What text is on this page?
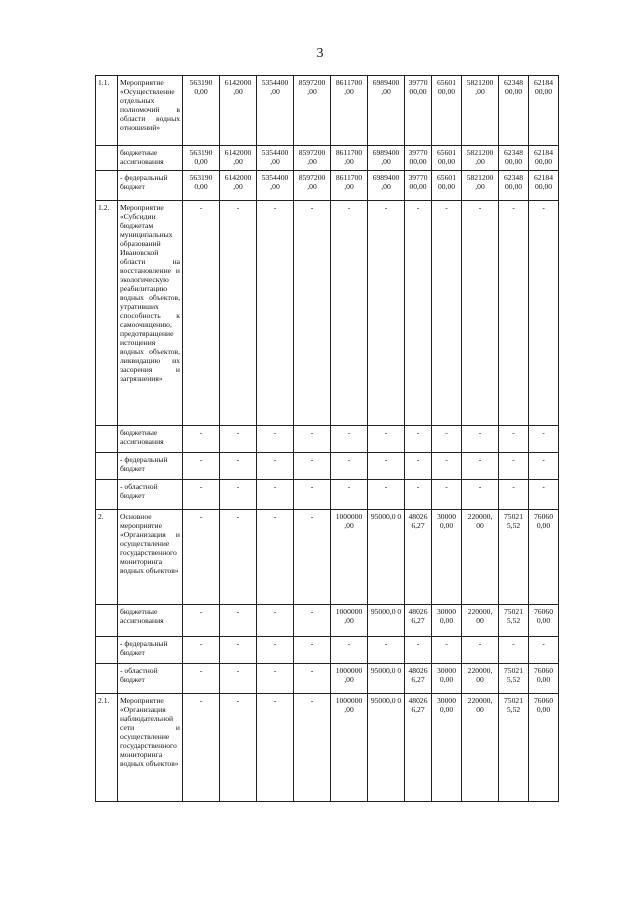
3
1.1.	Мероприятие «Осуществление отдельных полномочий в области водных отношений»	563190 0,00	6142000 ,00	5354400 ,00	8597200 ,00	8611700 ,00	6989400 ,00	39770 00,00	65601 00,00	5821200 ,00	62348 00,00	62184 00,00
	бюджетные ассигнования	563190 0,00	6142000 ,00	5354400 ,00	8597200 ,00	8611700 ,00	6989400 ,00	39770 00,00	65601 00,00	5821200 ,00	62348 00,00	62184 00,00
	- федеральный бюджет	563190 0,00	6142000 ,00	5354400 ,00	8597200 ,00	8611700 ,00	6989400 ,00	39770 00,00	65601 00,00	5821200 ,00	62348 00,00	62184 00,00
1.2.	Мероприятие «Субсидии бюджетам муниципальных образований Ивановской области на восстановление и экологическую реабилитацию водных объектов, утративших способность к самоочищению, предотвращение истощения водных объектов, ликвидацию их засорения и загрязнения»	-	-	-	-	-	-	-	-	-	-	-
	бюджетные ассигнования	-	-	-	-	-	-	-	-	-	-	-
	- федеральный бюджет	-	-	-	-	-	-	-	-	-	-	-
	- областной бюджет	-	-	-	-	-	-	-	-	-	-	-
2.	Основное мероприятие «Организация и осуществление государственного мониторинга водных объектов»	-	-	-	-	1000000 ,00	95000,0 0	48026 6,27	30000 0,00	220000, 00	75021 5,52	76060 0,00
	бюджетные ассигнования	-	-	-	-	1000000 ,00	95000,0 0	48026 6,27	30000 0,00	220000, 00	75021 5,52	76060 0,00
	- федеральный бюджет	-	-	-	-	-	-	-	-	-	-	-
	- областной бюджет	-	-	-	-	1000000 ,00	95000,0 0	48026 6,27	30000 0,00	220000, 00	75021 5,52	76060 0,00
2.1.	Мероприятие «Организация наблюдательной сети и осуществление государственного мониторинга водных объектов»	-	-	-	-	1000000 ,00	95000,0 0	48026 6,27	30000 0,00	220000, 00	75021 5,52	76060 0,00
